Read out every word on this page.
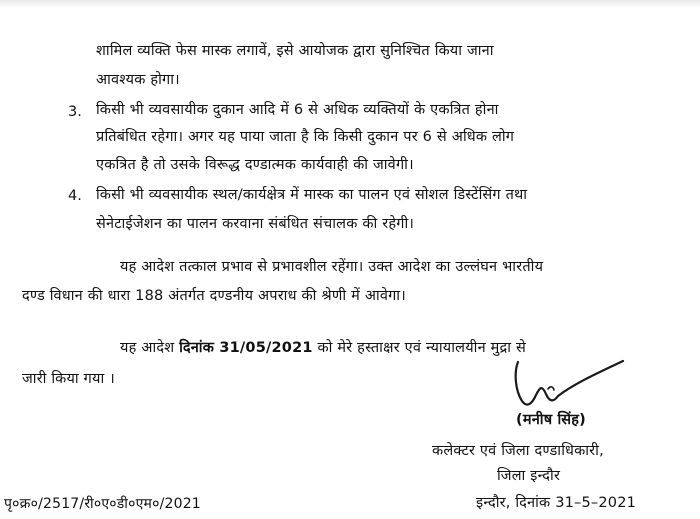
शामिल व्यक्ति फेस मास्क लगावें, इसे आयोजक द्वारा सुनिश्चित किया जाना
आवश्यक होगा।
3. किसी भी व्यवसायीक दुकान आदि में 6 से अधिक व्यक्तियों के एकत्रित होना
प्रतिबंधित रहेगा। अगर यह पाया जाता है कि किसी दुकान पर 6 से अधिक लोग
एकत्रित है तो उसके विरूद्ध दण्डात्मक कार्यवाही की जावेगी।
4. किसी भी व्यवसायीक स्थल/कार्यक्षेत्र में मास्क का पालन एवं सोशल डिस्टेंसिंग तथा
सेनेटाईजेशन का पालन करवाना संबंधित संचालक की रहेगी।
यह आदेश तत्काल प्रभाव से प्रभावशील रहेंगा। उक्त आदेश का उल्लंघन भारतीय
दण्ड विधान की धारा 188 अंतर्गत दण्डनीय अपराध की श्रेणी में आवेगा।
यह आदेश दिनांक 31/05/2021 को मेरे हस्ताक्षर एवं न्यायालयीन मुद्रा से
जारी किया गया ।
(मनीष सिंह)
कलेक्टर एवं जिला दण्डाधिकारी,
जिला इन्दौर
इन्दौर, दिनांक 31–5–2021
पृ०क्र०/2517/री०ए०डी०एम०/2021
